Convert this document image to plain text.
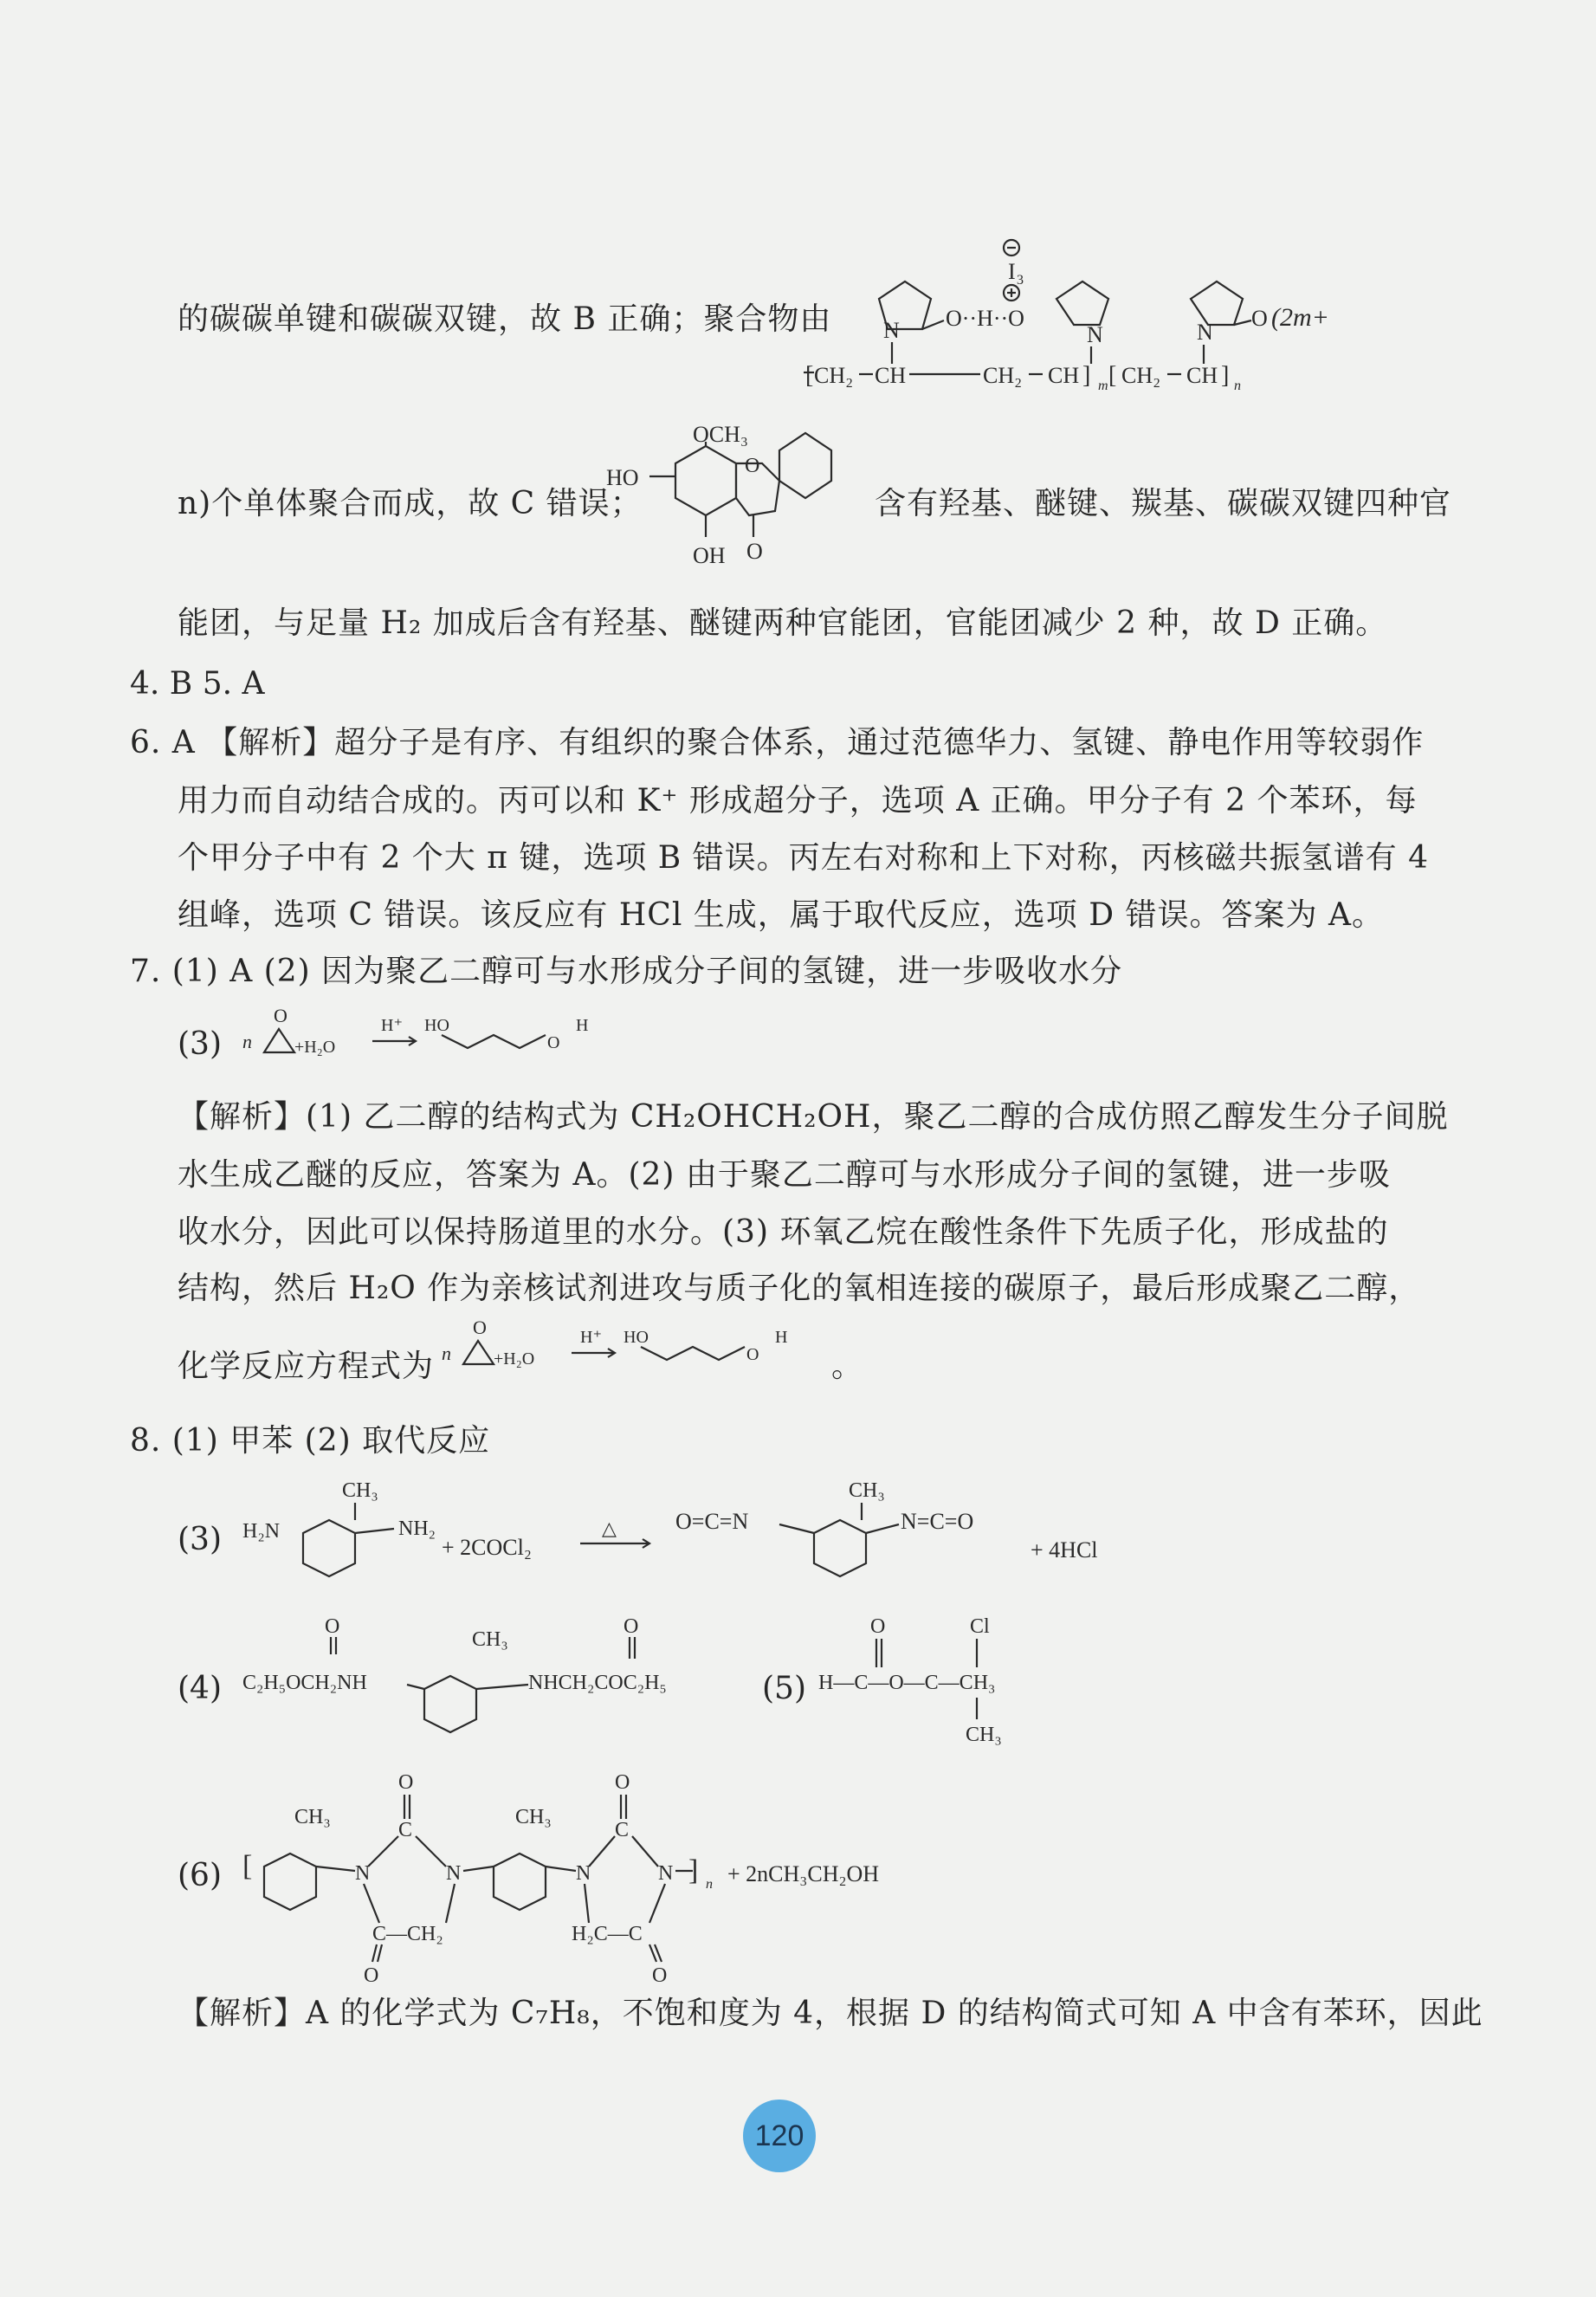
的碳碳单键和碳碳双键，故 B 正确；聚合物由
I 3
N O··H··O
N	N
O (2m+
[ CH₂ CH	CH₂ CH ] m [ CH₂ CH ] n
n)个单体聚合而成，故 C 错误；
OCH₃
HO	O
O
OH
含有羟基、醚键、羰基、碳碳双键四种官
能团，与足量 H₂ 加成后含有羟基、醚键两种官能团，官能团减少 2 种，故 D 正确。
4. B 5. A
6. A 【解析】超分子是有序、有组织的聚合体系，通过范德华力、氢键、静电作用等较弱作
用力而自动结合成的。丙可以和 K⁺ 形成超分子，选项 A 正确。甲分子有 2 个苯环，每
个甲分子中有 2 个大 π 键，选项 B 错误。丙左右对称和上下对称，丙核磁共振氢谱有 4
组峰，选项 C 错误。该反应有 HCl 生成，属于取代反应，选项 D 错误。答案为 A。
7. (1) A (2) 因为聚乙二醇可与水形成分子间的氢键，进一步吸收水分
(3) n
O
+H₂O
H⁺ HO
O
H
【解析】(1) 乙二醇的结构式为 CH₂OHCH₂OH，聚乙二醇的合成仿照乙醇发生分子间脱
水生成乙醚的反应，答案为 A。(2) 由于聚乙二醇可与水形成分子间的氢键，进一步吸
收水分，因此可以保持肠道里的水分。(3) 环氧乙烷在酸性条件下先质子化，形成盐的
结构，然后 H₂O 作为亲核试剂进攻与质子化的氧相连接的碳原子，最后形成聚乙二醇，
化学反应方程式为 n
O
+H₂O
H⁺ HO
O
H
。
8. (1) 甲苯 (2) 取代反应
(3)
CH₃
H₂N	NH₂
+ 2COCl₂
△	O=C=N
CH₃
N=C=O
+ 4HCl
(4)
O
C₂H₅OCH₂NH
CH₃
NHCH₂COC₂H₅
O
(5)
O	Cl
H—C—O—C—CH₃
CH₃
(6) [
CH₃
N
O
C
N
C—CH₂
O
CH₃
N
O
C
N
H₂C—C
O
] n + 2nCH₃CH₂OH
【解析】A 的化学式为 C₇H₈，不饱和度为 4，根据 D 的结构简式可知 A 中含有苯环，因此
120
